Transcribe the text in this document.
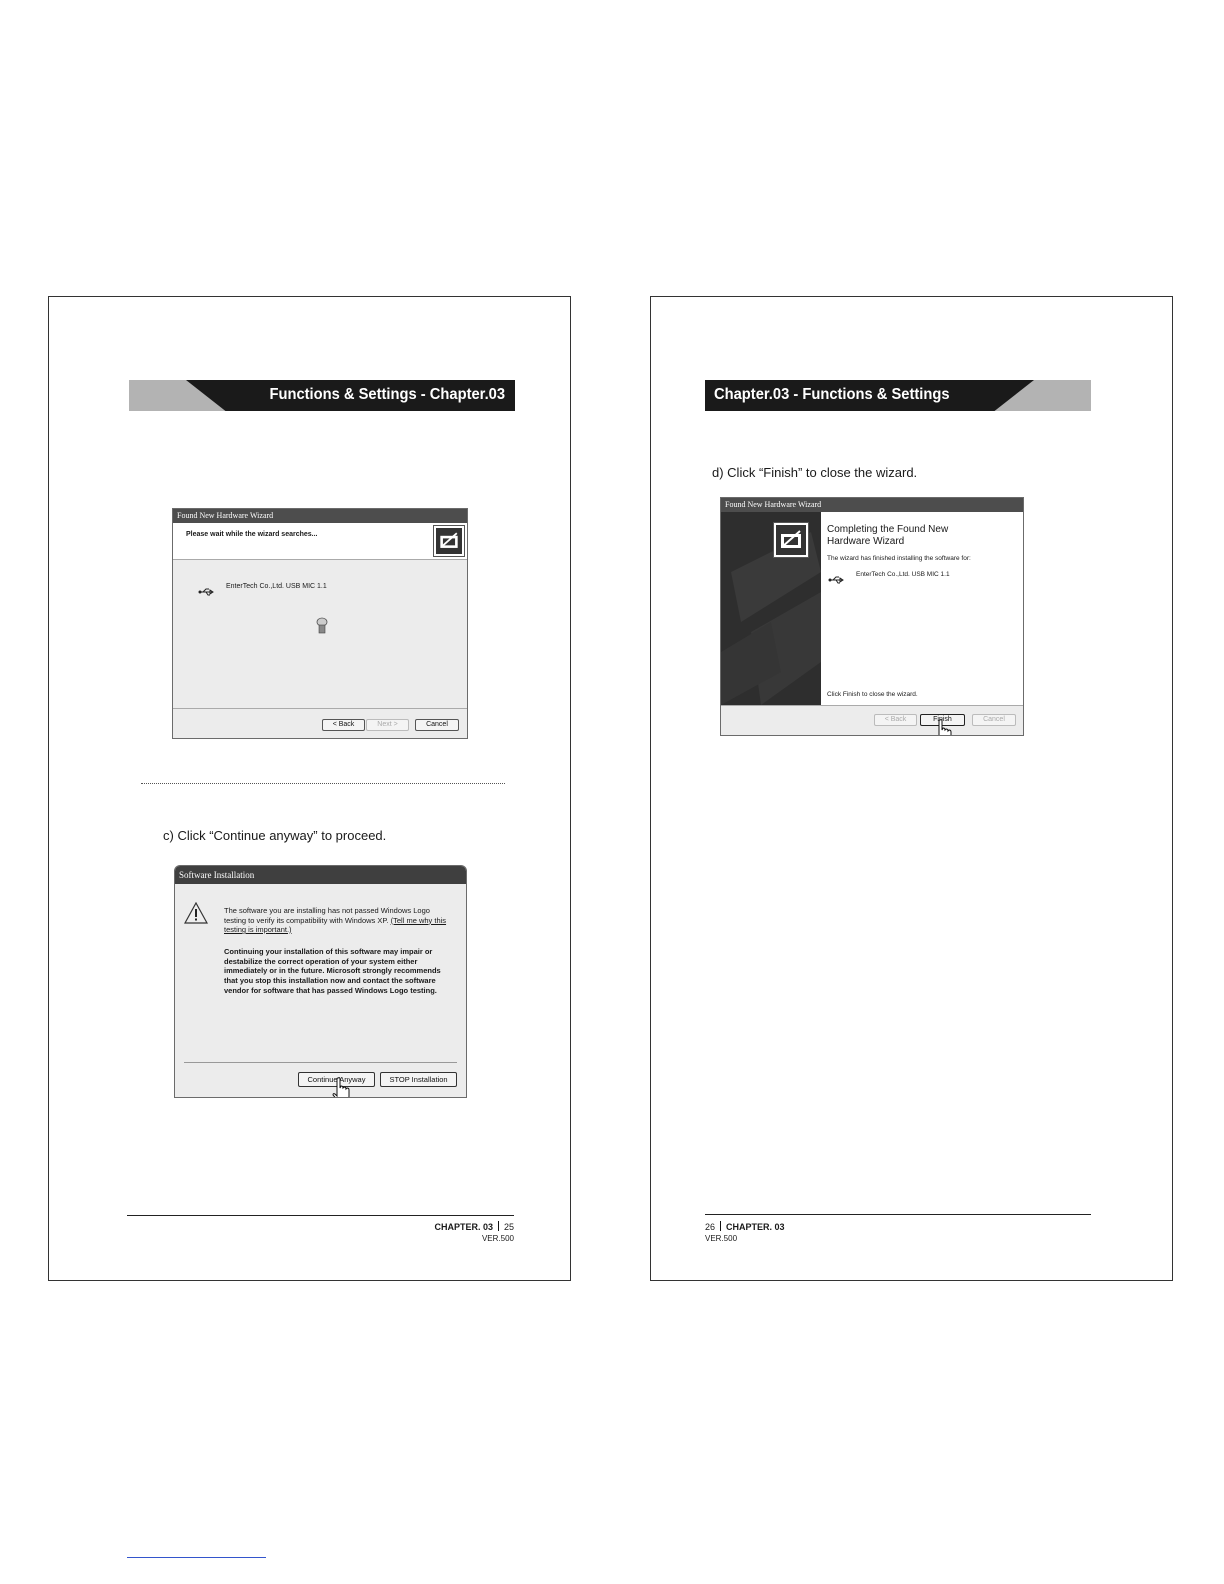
Functions & Settings - Chapter.03
Found New Hardware Wizard
Please wait while the wizard searches...
EnterTech Co.,Ltd. USB MIC 1.1
< Back	Next >	Cancel
c) Click “Continue anyway” to proceed.
Software Installation
The software you are installing has not passed Windows Logo testing to verify its compatibility with Windows XP. (Tell me why this testing is important.)
Continuing your installation of this software may impair or destabilize the correct operation of your system either immediately or in the future. Microsoft strongly recommends that you stop this installation now and contact the software vendor for software that has passed Windows Logo testing.
Continue Anyway	STOP Installation
CHAPTER. 03 25
VER.500
Chapter.03 - Functions & Settings
d) Click “Finish” to close the wizard.
Found New Hardware Wizard
Completing the Found New Hardware Wizard
The wizard has finished installing the software for:
EnterTech Co.,Ltd. USB MIC 1.1
Click Finish to close the wizard.
< Back	Finish	Cancel
26 CHAPTER. 03
VER.500
